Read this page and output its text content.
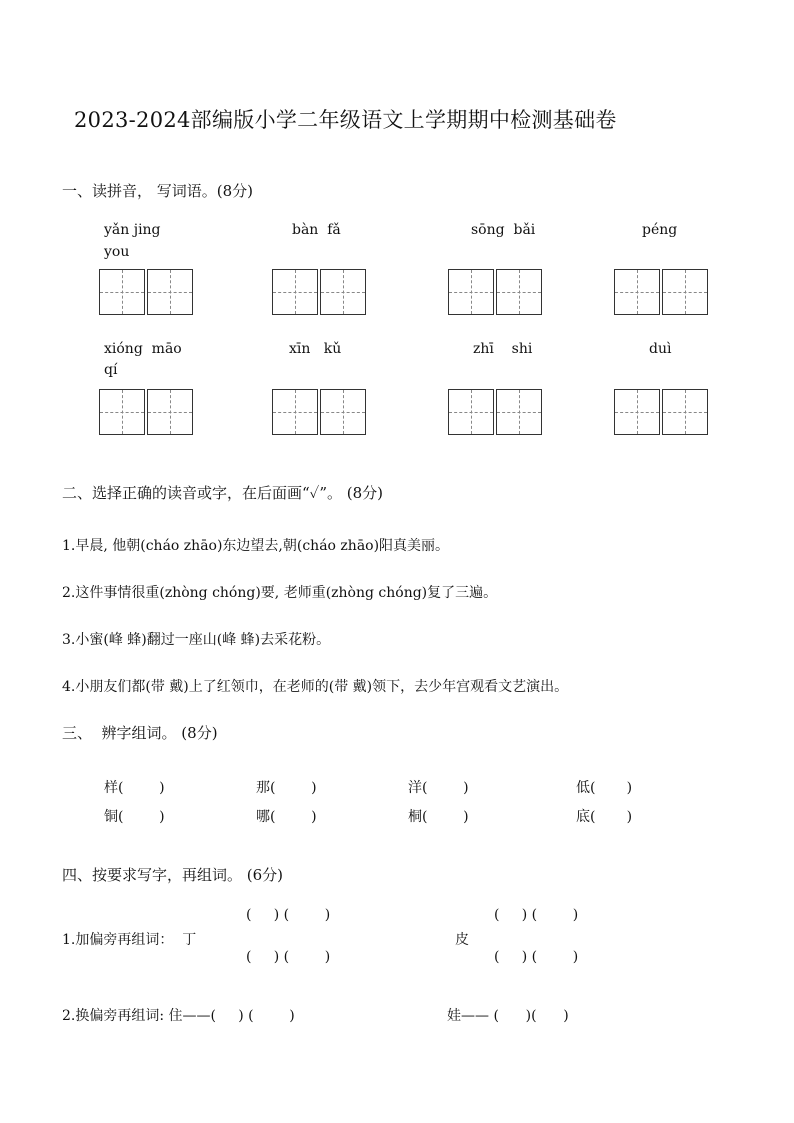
2023-2024部编版小学二年级语文上学期期中检测基础卷
一、读拼音， 写词语。(8分)
yǎn jing
you
bàn  fǎ	sōng  bǎi	péng
xióng  māo
qí
xīn   kǔ	zhī    shi	duì
二、选择正确的读音或字，在后面画“✓”。 (8分)
1.早晨, 他朝(cháo zhāo)东边望去,朝(cháo zhāo)阳真美丽。
2.这件事情很重(zhòng chóng)要, 老师重(zhòng chóng)复了三遍。
3.小蜜(峰 蜂)翻过一座山(峰 蜂)去采花粉。
4.小朋友们都(带 戴)上了红领巾，在老师的(带 戴)领下，去少年宫观看文艺演出。
三、  辨字组词。 (8分)
样(        )	那(        )	洋(        )	低(       )
铜(        )	哪(        )	桐(        )	底(       )
四、按要求写字，再组词。 (6分)
(     ) (        )	(     ) (        )
1.加偏旁再组词：  丁	皮
(     ) (        )	(     ) (        )
2.换偏旁再组词: 住——(     ) (        )	娃—— (      )(      )
